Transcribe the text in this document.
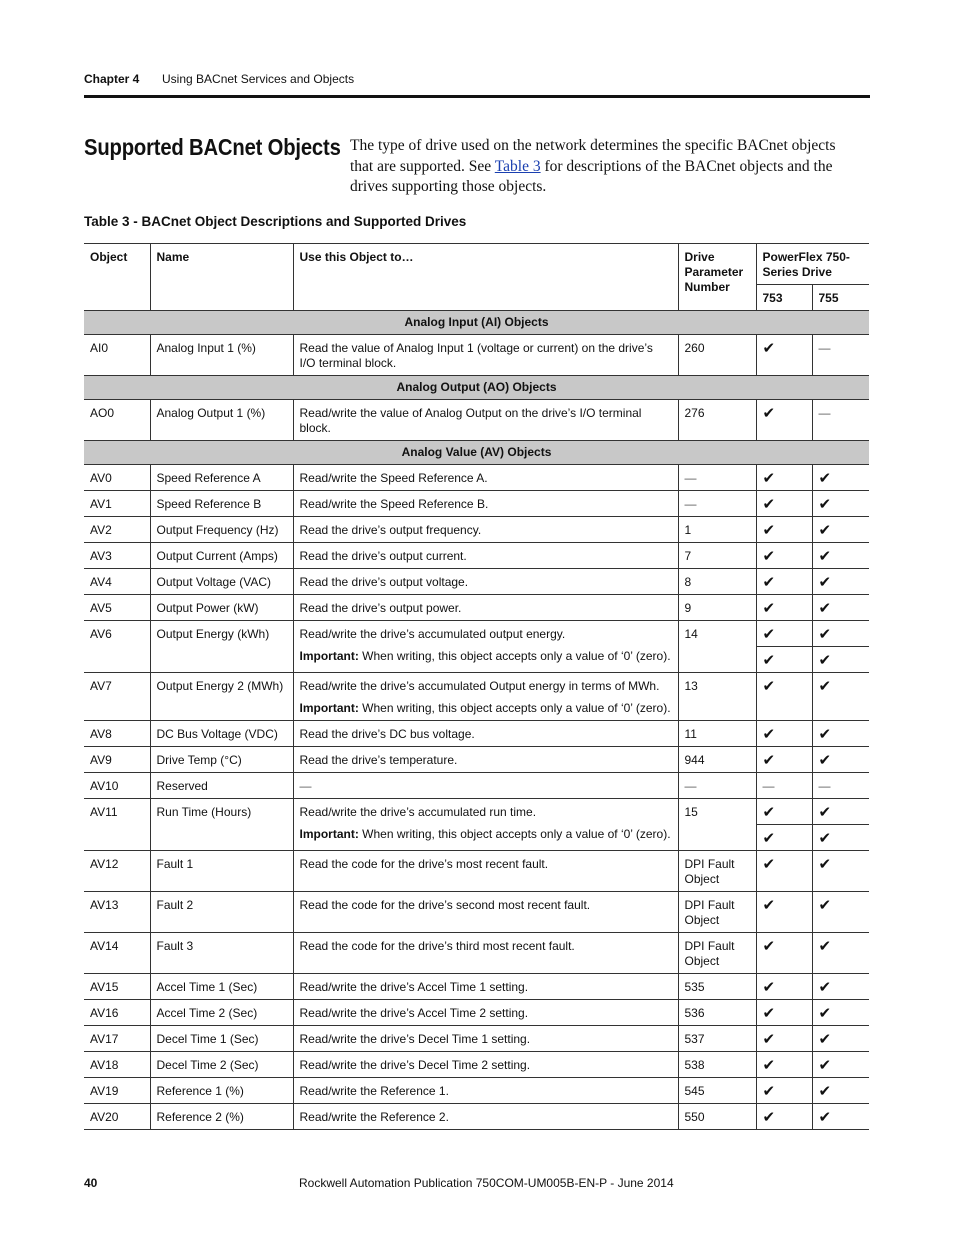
Chapter 4 Using BACnet Services and Objects
Supported BACnet Objects The type of drive used on the network determines the specific BACnet objects that are supported. See Table 3 for descriptions of the BACnet objects and the drives supporting those objects.
Table 3 - BACnet Object Descriptions and Supported Drives
Object	Name	Use this Object to…	Drive Parameter Number	PowerFlex 750-Series Drive	
				753	755
Analog Input (AI) Objects					
AI0	Analog Input 1 (%)	Read the value of Analog Input 1 (voltage or current) on the drive’s I/O terminal block.	260	✔	—
Analog Output (AO) Objects					
AO0	Analog Output 1 (%)	Read/write the value of Analog Output on the drive’s I/O terminal block.	276	✔	—
Analog Value (AV) Objects					
AV0	Speed Reference A	Read/write the Speed Reference A.	—	✔	✔
AV1	Speed Reference B	Read/write the Speed Reference B.	—	✔	✔
AV2	Output Frequency (Hz)	Read the drive’s output frequency.	1	✔	✔
AV3	Output Current (Amps)	Read the drive’s output current.	7	✔	✔
AV4	Output Voltage (VAC)	Read the drive’s output voltage.	8	✔	✔
AV5	Output Power (kW)	Read the drive’s output power.	9	✔	✔
AV6	Output Energy (kWh)	Read/write the drive’s accumulated output energy.
Important: When writing, this object accepts only a value of ‘0’ (zero).	14	✔	✔
				✔	✔
AV7	Output Energy 2 (MWh)	Read/write the drive’s accumulated Output energy in terms of MWh.
Important: When writing, this object accepts only a value of ‘0’ (zero).	13	✔	✔
AV8	DC Bus Voltage (VDC)	Read the drive’s DC bus voltage.	11	✔	✔
AV9	Drive Temp (°C)	Read the drive’s temperature.	944	✔	✔
AV10	Reserved	—	—	—	—
AV11	Run Time (Hours)	Read/write the drive’s accumulated run time.
Important: When writing, this object accepts only a value of ‘0’ (zero).	15	✔	✔
				✔	✔
AV12	Fault 1	Read the code for the drive’s most recent fault.	DPI Fault Object	✔	✔
AV13	Fault 2	Read the code for the drive’s second most recent fault.	DPI Fault Object	✔	✔
AV14	Fault 3	Read the code for the drive’s third most recent fault.	DPI Fault Object	✔	✔
AV15	Accel Time 1 (Sec)	Read/write the drive’s Accel Time 1 setting.	535	✔	✔
AV16	Accel Time 2 (Sec)	Read/write the drive’s Accel Time 2 setting.	536	✔	✔
AV17	Decel Time 1 (Sec)	Read/write the drive’s Decel Time 1 setting.	537	✔	✔
AV18	Decel Time 2 (Sec)	Read/write the drive’s Decel Time 2 setting.	538	✔	✔
AV19	Reference 1 (%)	Read/write the Reference 1.	545	✔	✔
AV20	Reference 2 (%)	Read/write the Reference 2.	550	✔	✔
40	Rockwell Automation Publication 750COM-UM005B-EN-P - June 2014
